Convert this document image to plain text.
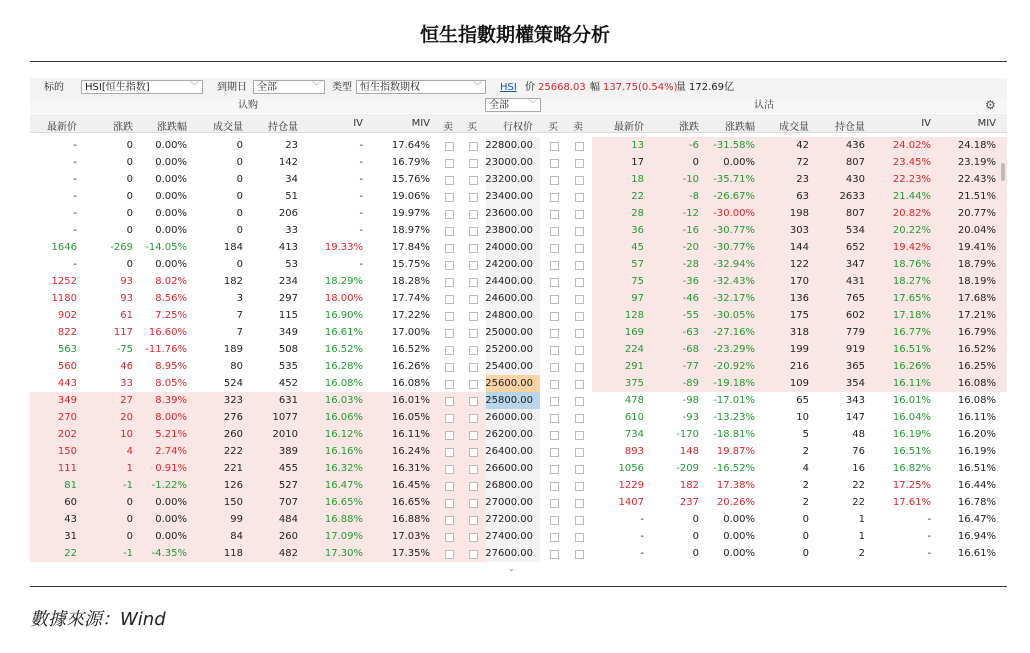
恒生指數期權策略分析
标的	HSI[恒生指数]	﹀ 到期日	全部	﹀ 类型 恒生指数期权	﹀ HSI 价 25668.03 幅 137.75(0.54%)
量 172.69亿
认购	全部 ﹀	认沽	⚙
最新价	涨跌	涨跌幅	成交量	持仓量	IV	MIV 卖 买	行权价 买 卖	最新价	涨跌	涨跌幅	成交量	持仓量	IV	MIV
-	0	0.00%	0	23	-	17.64%	22800.00	13	-6	-31.58%	42	436	24.02%	24.18%
-	0	0.00%	0	142	-	16.79%	23000.00	17	0	0.00%	72	807	23.45%	23.19%
-	0	0.00%	0	34	-	15.76%	23200.00	18	-10	-35.71%	23	430	22.23%	22.43%
-	0	0.00%	0	51	-	19.06%	23400.00	22	-8	-26.67%	63	2633	21.44%	21.51%
-	0	0.00%	0	206	-	19.97%	23600.00	28	-12	-30.00%	198	807	20.82%	20.77%
-	0	0.00%	0	33	-	18.97%	23800.00	36	-16	-30.77%	303	534	20.22%	20.04%
1646	-269	-14.05%	184	413	19.33%	17.84%	24000.00	45	-20	-30.77%	144	652	19.42%	19.41%
-	0	0.00%	0	53	-	15.75%	24200.00	57	-28	-32.94%	122	347	18.76%	18.79%
1252	93	8.02%	182	234	18.29%	18.28%	24400.00	75	-36	-32.43%	170	431	18.27%	18.19%
1180	93	8.56%	3	297	18.00%	17.74%	24600.00	97	-46	-32.17%	136	765	17.65%	17.68%
902	61	7.25%	7	115	16.90%	17.22%	24800.00	128	-55	-30.05%	175	602	17.18%	17.21%
822	117	16.60%	7	349	16.61%	17.00%	25000.00	169	-63	-27.16%	318	779	16.77%	16.79%
563	-75	-11.76%	189	508	16.52%	16.52%	25200.00	224	-68	-23.29%	199	919	16.51%	16.52%
560	46	8.95%	80	535	16.28%	16.26%	25400.00	291	-77	-20.92%	216	365	16.26%	16.25%
443	33	8.05%	524	452	16.08%	16.08%	25600.00	375	-89	-19.18%	109	354	16.11%	16.08%
349	27	8.39%	323	631	16.03%	16.01%	25800.00	478	-98	-17.01%	65	343	16.01%	16.08%
270	20	8.00%	276	1077	16.06%	16.05%	26000.00	610	-93	-13.23%	10	147	16.04%	16.11%
202	10	5.21%	260	2010	16.12%	16.11%	26200.00	734	-170	-18.81%	5	48	16.19%	16.20%
150	4	2.74%	222	389	16.16%	16.24%	26400.00	893	148	19.87%	2	76	16.51%	16.19%
111	1	0.91%	221	455	16.32%	16.31%	26600.00	1056	-209	-16.52%	4	16	16.82%	16.51%
81	-1	-1.22%	126	527	16.47%	16.45%	26800.00	1229	182	17.38%	2	22	17.25%	16.44%
60	0	0.00%	150	707	16.65%	16.65%	27000.00	1407	237	20.26%	2	22	17.61%	16.78%
43	0	0.00%	99	484	16.88%	16.88%	27200.00	-	0	0.00%	0	1	-	16.47%
31	0	0.00%	84	260	17.09%	17.03%	27400.00	-	0	0.00%	0	1	-	16.94%
22	-1	-4.35%	118	482	17.30%	17.35%	27600.00	-	0	0.00%	0	2	-	16.61%
⌄
數據來源：Wind
